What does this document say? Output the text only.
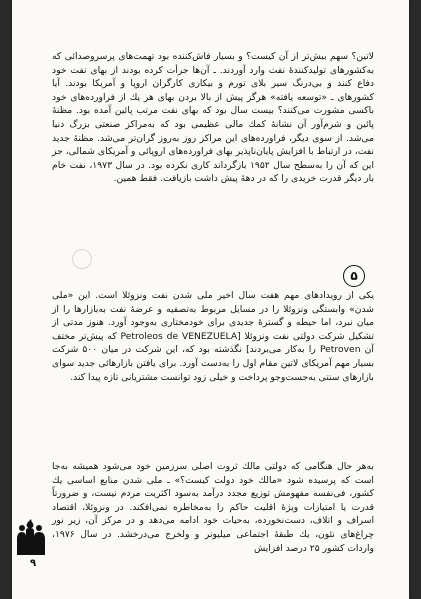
لاتین؟ سهم بیش‌تر از آن کیست؟ و بسیار فاش‌کننده بود تهمت‌های پرسروصدائی که به‌کشورهای تولیدکننده‌ٔ نفت وارد آوردند. ـ آن‌ها جرأت کرده بودند از بهای نفت خود دفاع کنند و بی‌درنگ سیر بلای تورم و بیکاری کارگران اروپا و آمریکا بودند. آیا کشورهای ـ «توسعه یافته» هرگز پیش از بالا بردن بهای هر یك از فراورده‌های خود باکسی مشورت می‌کنند؟ بیست سال بود که بهای نفت مرتب پائین آمده بود. مظنهٔ پائین و شرم‌آور آن نشانهٔ کمك مالی عظیمی بود که به‌مراکز صنعتی بزرگ دنیا می‌شد. از سوی دیگر، فراورده‌های این مراکز روز به‌روز گران‌تر می‌شد. مظنهٔ جدید نفت، در ارتباط با افزایش پایان‌ناپذیر بهای فراورده‌های اروپائی و آمریکای شمالی، جز این که آن را به‌سطح سال ۱۹۵۲ بازگرداند کاری نکرده بود. در سال ۱۹۷۳، نفت خام بار دیگر قدرت خریدی را که در دههٔ پیش داشت بازیافت. فقط همین.

۵

یکی از رویدادهای مهم هفت سال اخیر ملی شدن نفت ونزوئلا است. این «ملی شدن» وابستگی ونزوئلا را در مسایل مربوط به‌تصفیه و عرضهٔ نفت به‌بازارها را از میان نبرد، اما حیطه و گسترهٔ جدیدی برای خودمختاری به‌وجود آورد. هنوز مدتی از تشکیل شرکت دولتی نفت ونزوئلا [Petroleos de VENEZUELA که پیش‌تر مختف آن Petroven را به‌کار می‌بردند] نگذشته بود که، این شرکت در میان ۵۰۰ شرکت بسیار مهم آمریکای لاتین مقام اول را به‌دست آورد. برای یافتن بازارهائی جدید سوای بازارهای سنتی به‌جست‌وجو پرداخت و خیلی زود توانست مشتریانی تازه پیدا کند.

به‌هر حال هنگامی که دولتی مالك ثروت اصلی سرزمین خود می‌شود همیشه به‌جا است که پرسیده شود «مالك خود دولت کیست؟» ـ ملی شدن منابع اساسی یك کشور، فی‌نفسه مفهومش توزیع مجدد درآمد به‌سود اکثریت مردم نیست، و ضرورتاً قدرت یا امتیازات ویژهٔ اقلیت حاکم را به‌مخاطره نمی‌افکند. در ونزوئلا، اقتصاد اسراف و اتلاف، دست‌نخورده، به‌حیات خود ادامه می‌دهد و در مرکز آن، زیر نور چراغ‌های نئون، یك طبقهٔ اجتماعی میلیونر و ولخرج می‌درخشد. در سال ۱۹۷۶، واردات کشور ۲۵ درصد افزایش

۹
